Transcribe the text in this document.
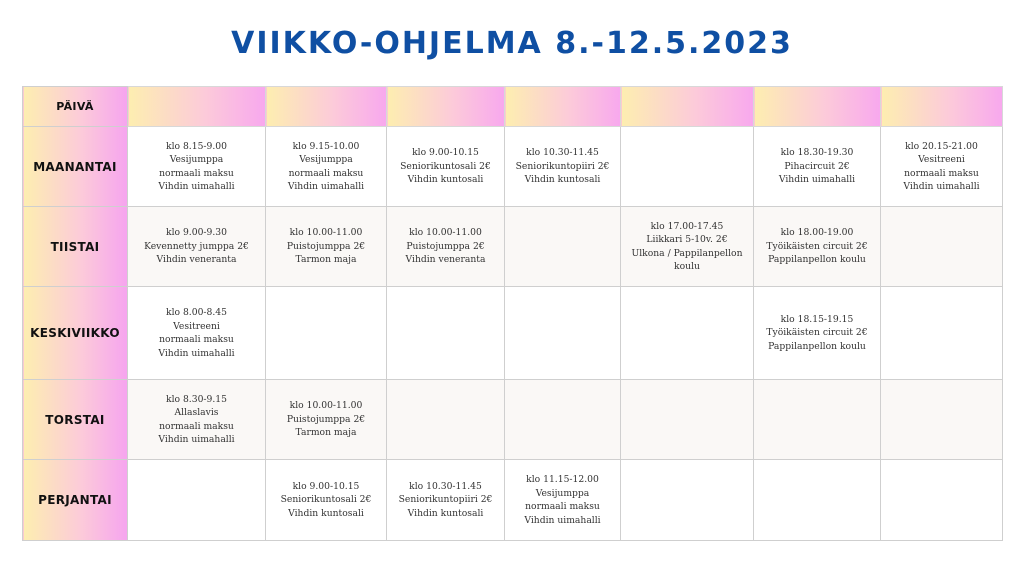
VIIKKO-OHJELMA 8.-12.5.2023
PÄIVÄ							
MAANANTAI	klo 8.15-9.00
Vesijumppa
normaali maksu
Vihdin uimahalli	klo 9.15-10.00
Vesijumppa
normaali maksu
Vihdin uimahalli	klo 9.00-10.15
Seniorikuntosali 2€
Vihdin kuntosali	klo 10.30-11.45
Seniorikuntopiiri 2€
Vihdin kuntosali		klo 18.30-19.30
Pihacircuit 2€
Vihdin uimahalli	klo 20.15-21.00
Vesitreeni
normaali maksu
Vihdin uimahalli

TIISTAI	klo 9.00-9.30
Kevennetty jumppa 2€
Vihdin veneranta	klo 10.00-11.00
Puistojumppa 2€
Tarmon maja	klo 10.00-11.00
Puistojumppa 2€
Vihdin veneranta		klo 17.00-17.45
Liikkari 5-10v. 2€
Ulkona / Pappilanpellon
koulu	klo 18.00-19.00
Työikäisten circuit 2€
Pappilanpellon koulu	

KESKIVIIKKO	klo 8.00-8.45
Vesitreeni
normaali maksu
Vihdin uimahalli					klo 18.15-19.15
Työikäisten circuit 2€
Pappilanpellon koulu	

TORSTAI	klo 8.30-9.15
Allaslavis
normaali maksu
Vihdin uimahalli	klo 10.00-11.00
Puistojumppa 2€
Tarmon maja					

PERJANTAI		klo 9.00-10.15
Seniorikuntosali 2€
Vihdin kuntosali	klo 10.30-11.45
Seniorikuntopiiri 2€
Vihdin kuntosali	klo 11.15-12.00
Vesijumppa
normaali maksu
Vihdin uimahalli			
